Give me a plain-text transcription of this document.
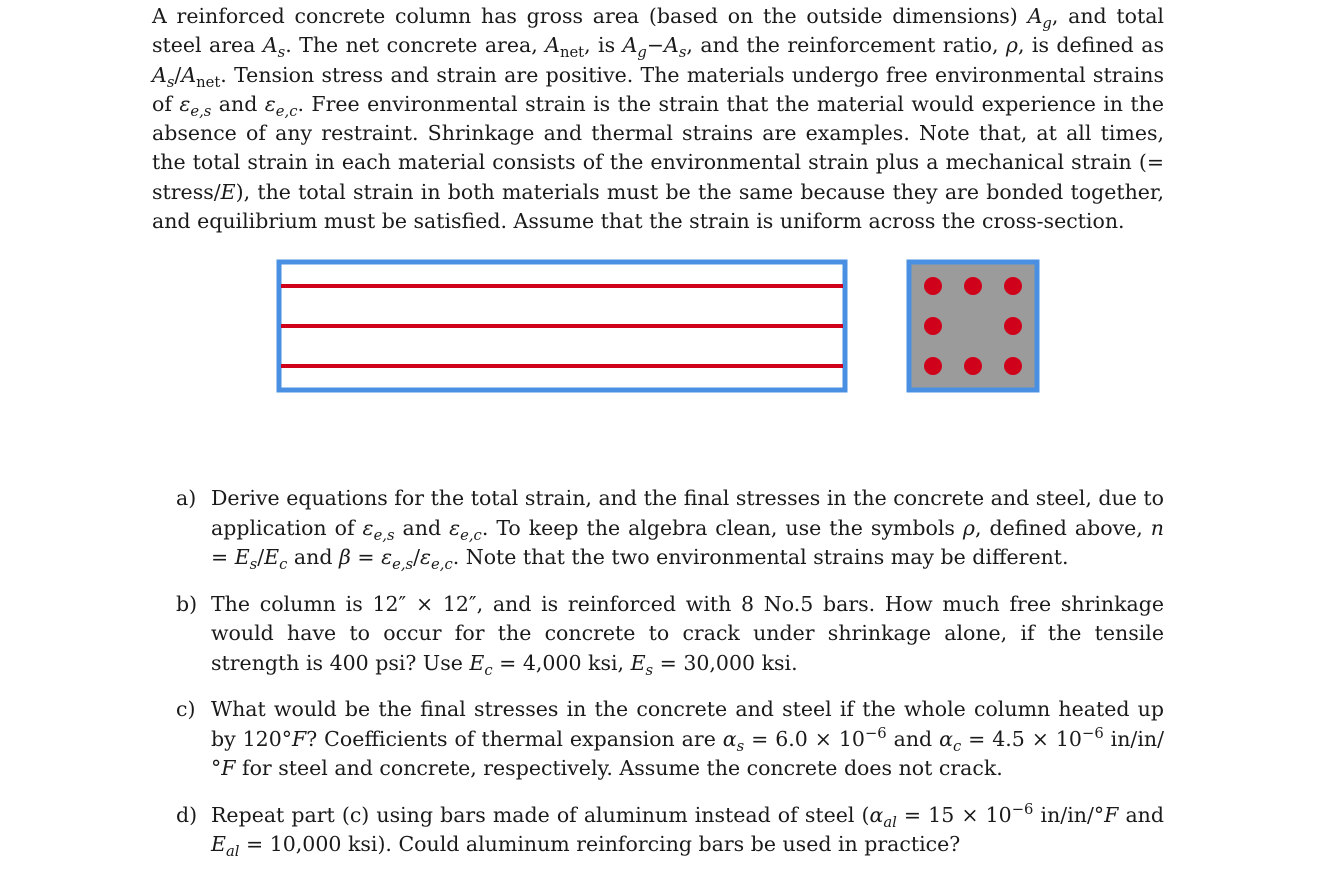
A reinforced concrete column has gross area (based on the outside dimensions) $A_g$, and total steel area $A_s$. The net concrete area, $A_{net}$, is $A_g-A_s$, and the reinforcement ratio, ρ, is defined as $A_s/A_{net}$. Tension stress and strain are positive. The materials undergo free environmental strains of $\varepsilon_{e,s}$ and $\varepsilon_{e,c}$. Free environmental strain is the strain that the material would experience in the absence of any restraint. Shrinkage and thermal strains are examples. Note that, at all times, the total strain in each material consists of the environmental strain plus a mechanical strain (= stress/E), the total strain in both materials must be the same because they are bonded together, and equilibrium must be satisfied. Assume that the strain is uniform across the cross-section.

a) Derive equations for the total strain, and the final stresses in the concrete and steel, due to application of $\varepsilon_{e,s}$ and $\varepsilon_{e,c}$. To keep the algebra clean, use the symbols ρ, defined above, $n = E_s/E_c$ and $\beta = \varepsilon_{e,s}/\varepsilon_{e,c}$. Note that the two environmental strains may be different.
b) The column is 12″ × 12″, and is reinforced with 8 No.5 bars. How much free shrinkage would have to occur for the concrete to crack under shrinkage alone, if the tensile strength is 400 psi? Use $E_c = 4,000$ ksi, $E_s = 30,000$ ksi.
c) What would be the final stresses in the concrete and steel if the whole column heated up by 120°F? Coefficients of thermal expansion are $\alpha_s = 6.0 \times 10^{-6}$ and $\alpha_c = 4.5 \times 10^{-6}$ in/in/°F for steel and concrete, respectively. Assume the concrete does not crack.
d) Repeat part (c) using bars made of aluminum instead of steel ($\alpha_{al} = 15 \times 10^{-6}$ in/in/°F and $E_{al} = 10,000$ ksi). Could aluminum reinforcing bars be used in practice?
